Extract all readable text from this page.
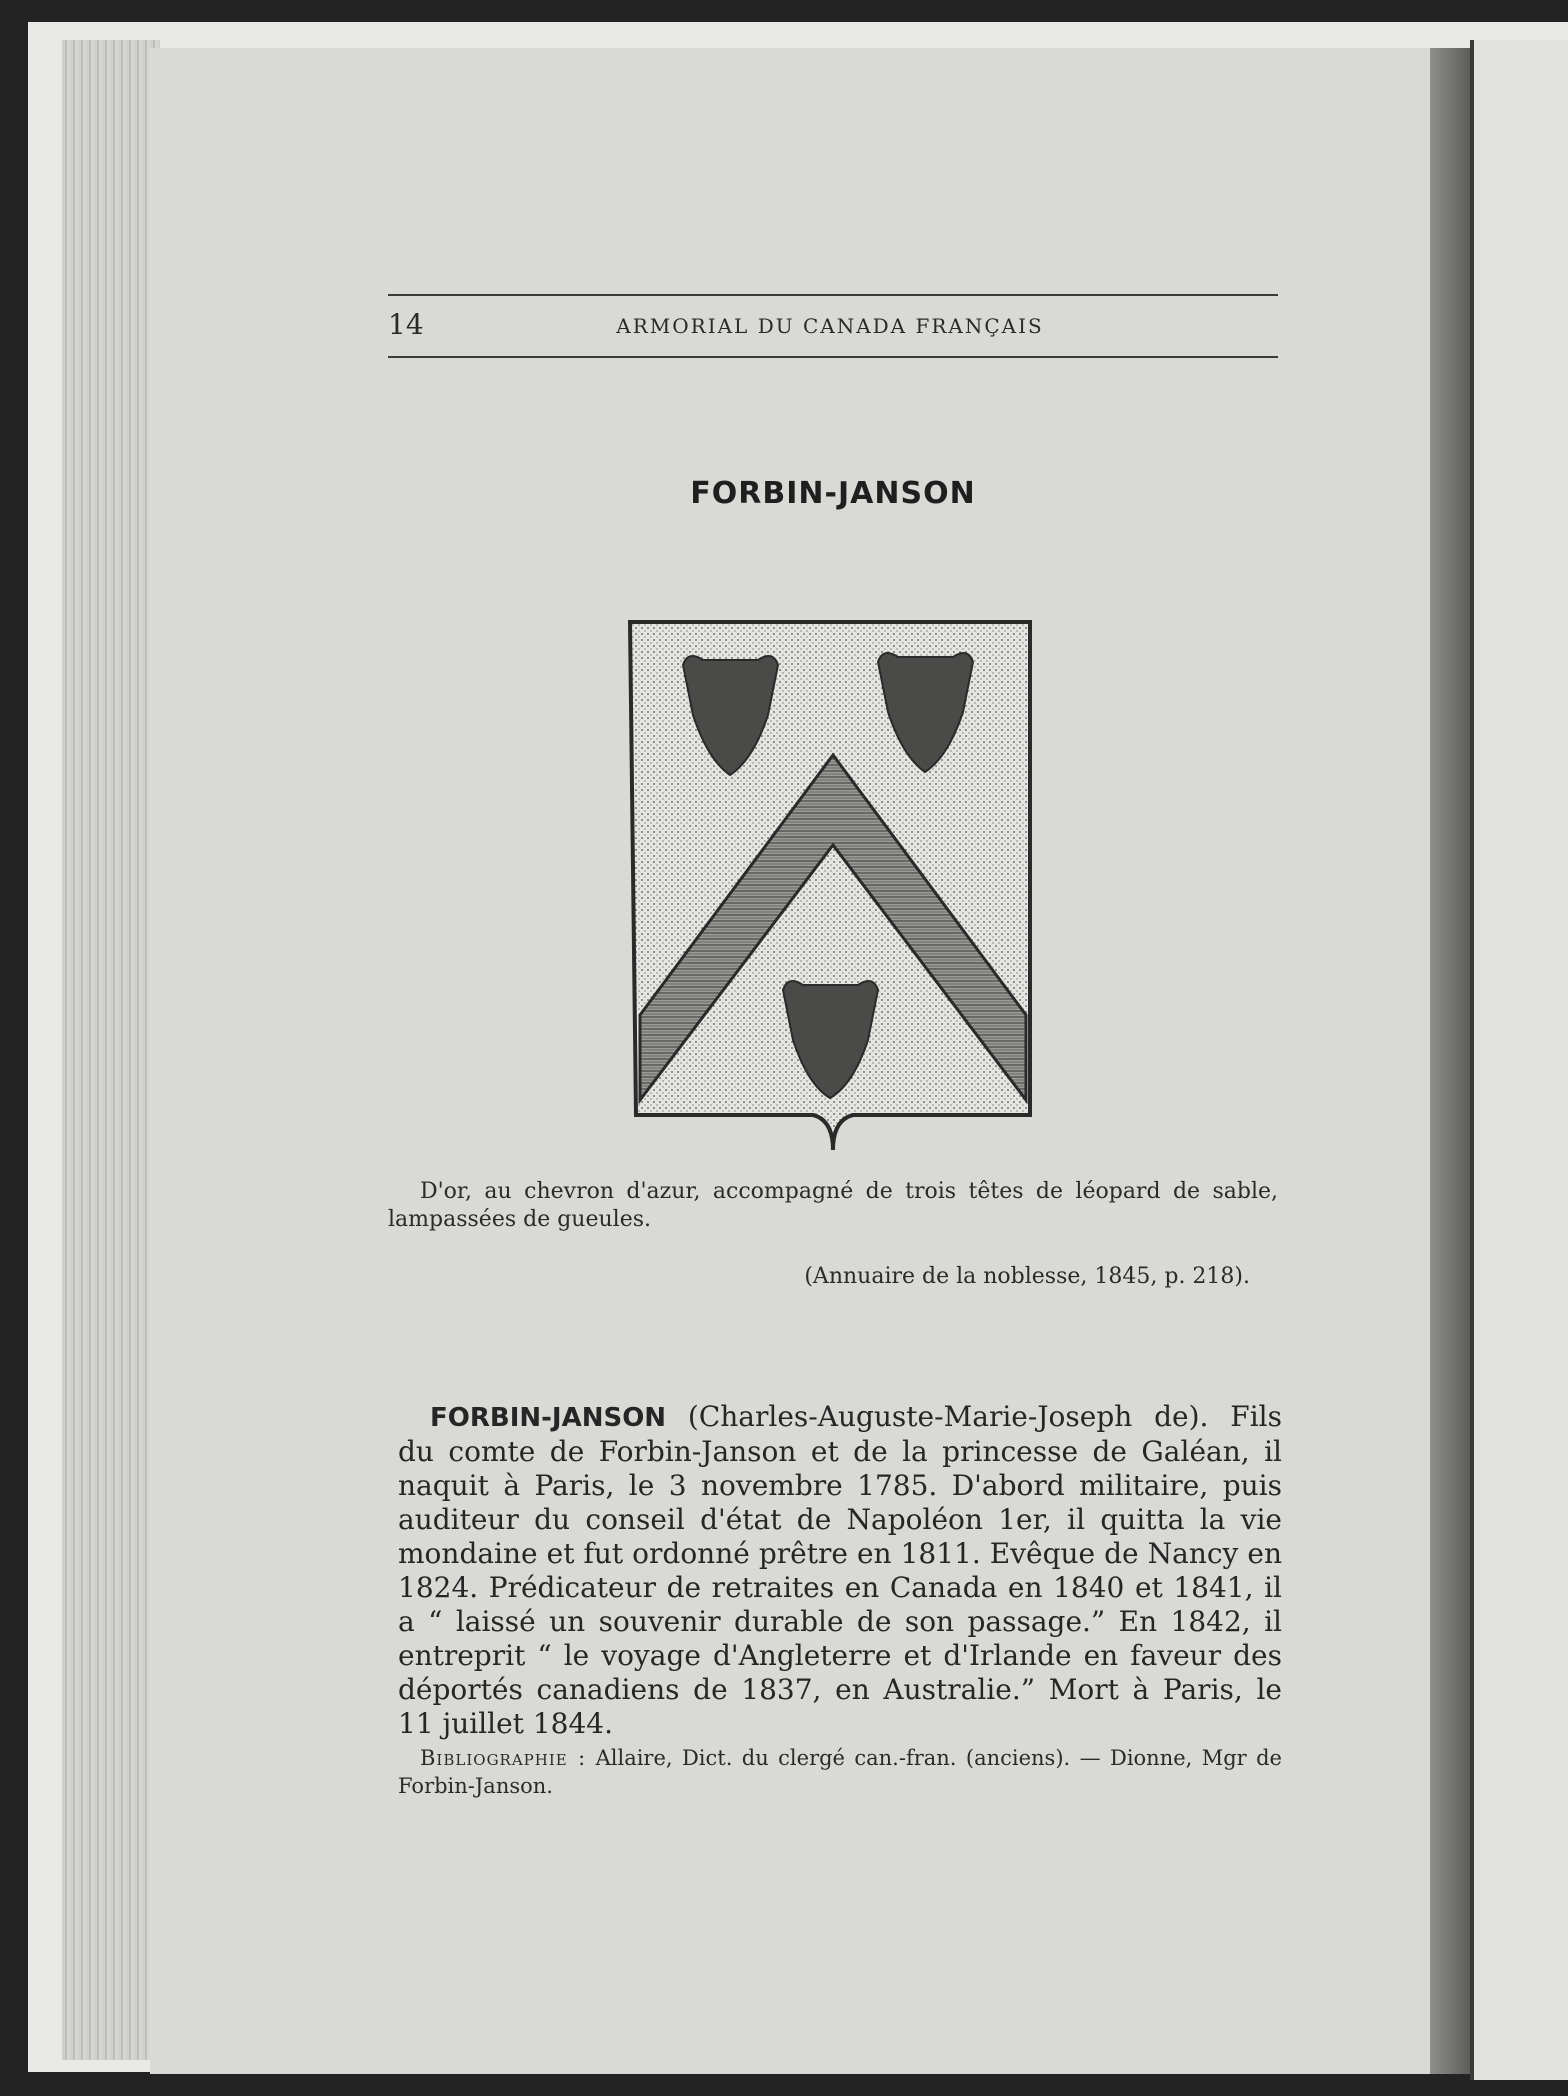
14	ARMORIAL DU CANADA FRANÇAIS
FORBIN-JANSON
D'or, au chevron d'azur, accompagné de trois têtes de léopard de sable, lampassées de gueules.
(Annuaire de la noblesse, 1845, p. 218).
FORBIN-JANSON (Charles-Auguste-Marie-Joseph de). Fils du comte de Forbin-Janson et de la princesse de Galéan, il naquit à Paris, le 3 novembre 1785. D'abord militaire, puis auditeur du conseil d'état de Napoléon 1er, il quitta la vie mondaine et fut ordonné prêtre en 1811. Evêque de Nancy en 1824. Prédicateur de retraites en Canada en 1840 et 1841, il a “ laissé un souvenir durable de son passage.” En 1842, il entreprit “ le voyage d'Angleterre et d'Irlande en faveur des déportés canadiens de 1837, en Australie.” Mort à Paris, le 11 juillet 1844.
Bibliographie : Allaire, Dict. du clergé can.-fran. (anciens). — Dionne, Mgr de Forbin-Janson.
